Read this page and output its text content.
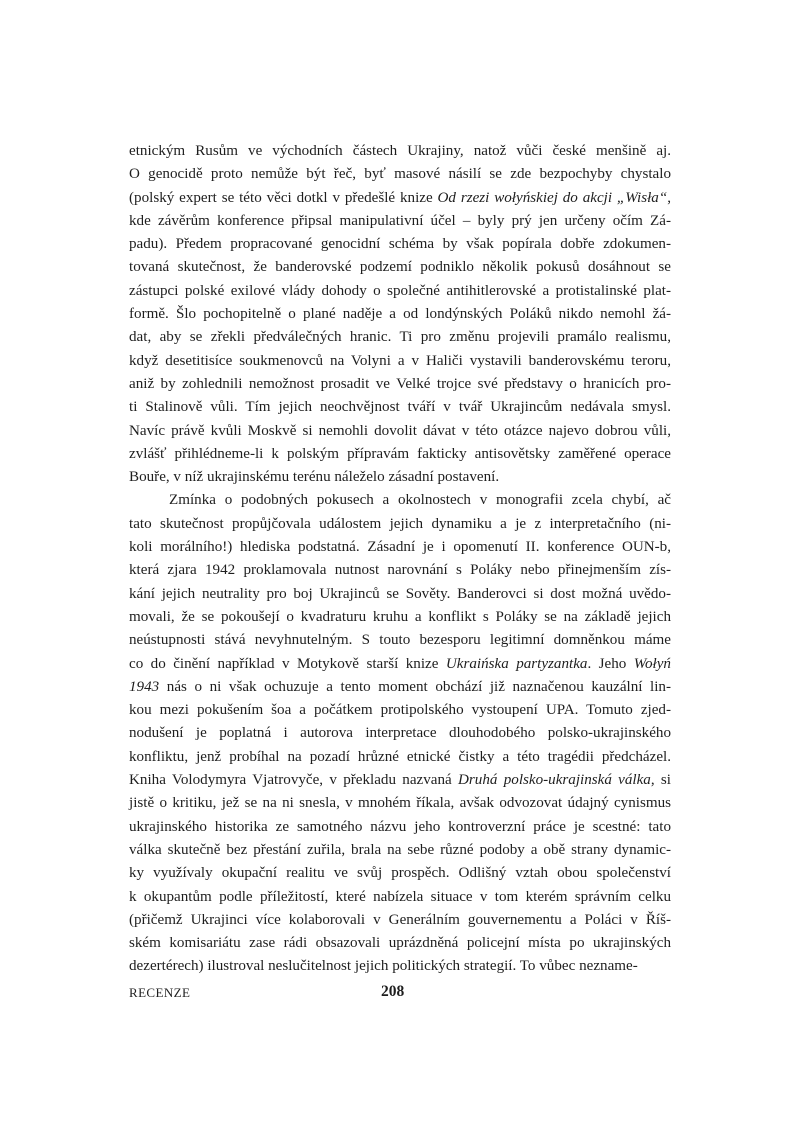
etnickým Rusům ve východních částech Ukrajiny, natož vůči české menšině aj.
O genocidě proto nemůže být řeč, byť masové násilí se zde bezpochyby chystalo
(polský expert se této věci dotkl v předešlé knize Od rzezi wołyńskiej do akcji „Wisła“,
kde závěrům konference připsal manipulativní účel – byly prý jen určeny očím Zá-
padu). Předem propracované genocidní schéma by však popírala dobře zdokumen-
tovaná skutečnost, že banderovské podzemí podniklo několik pokusů dosáhnout se
zástupci polské exilové vlády dohody o společné antihitlerovské a protistalinské plat-
formě. Šlo pochopitelně o plané naděje a od londýnských Poláků nikdo nemohl žá-
dat, aby se zřekli předválečných hranic. Ti pro změnu projevili pramálo realismu,
když desetitisíce soukmenovců na Volyni a v Haliči vystavili banderovskému teroru,
aniž by zohlednili nemožnost prosadit ve Velké trojce své představy o hranicích pro-
ti Stalinově vůli. Tím jejich neochvějnost tváří v tvář Ukrajincům nedávala smysl.
Navíc právě kvůli Moskvě si nemohli dovolit dávat v této otázce najevo dobrou vůli,
zvlášť přihlédneme-li k polským přípravám fakticky antisovětsky zaměřené operace
Bouře, v níž ukrajinskému terénu náleželo zásadní postavení.
Zmínka o podobných pokusech a okolnostech v monografii zcela chybí, ač
tato skutečnost propůjčovala událostem jejich dynamiku a je z interpretačního (ni-
koli morálního!) hlediska podstatná. Zásadní je i opomenutí II. konference OUN-b,
která zjara 1942 proklamovala nutnost narovnání s Poláky nebo přinejmenším zís-
kání jejich neutrality pro boj Ukrajinců se Sověty. Banderovci si dost možná uvědo-
movali, že se pokoušejí o kvadraturu kruhu a konflikt s Poláky se na základě jejich
neústupnosti stává nevyhnutelným. S touto bezesporu legitimní domněnkou máme
co do činění například v Motykově starší knize Ukraińska partyzantka. Jeho Wołyń
1943 nás o ni však ochuzuje a tento moment obchází již naznačenou kauzální lin-
kou mezi pokušením šoa a počátkem protipolského vystoupení UPA. Tomuto zjed-
nodušení je poplatná i autorova interpretace dlouhodobého polsko-ukrajinského
konfliktu, jenž probíhal na pozadí hrůzné etnické čistky a této tragédii předcházel.
Kniha Volodymyra Vjatrovyče, v překladu nazvaná Druhá polsko-ukrajinská válka, si
jistě o kritiku, jež se na ni snesla, v mnohém říkala, avšak odvozovat údajný cynismus
ukrajinského historika ze samotného názvu jeho kontroverzní práce je scestné: tato
válka skutečně bez přestání zuřila, brala na sebe různé podoby a obě strany dynamic-
ky využívaly okupační realitu ve svůj prospěch. Odlišný vztah obou společenství
k okupantům podle příležitostí, které nabízela situace v tom kterém správním celku
(přičemž Ukrajinci více kolaborovali v Generálním gouvernementu a Poláci v Říš-
ském komisariátu zase rádi obsazovali uprázdněná policejní místa po ukrajinských
dezertérech) ilustroval neslučitelnost jejich politických strategií. To vůbec nezname-
RECENZE	208
